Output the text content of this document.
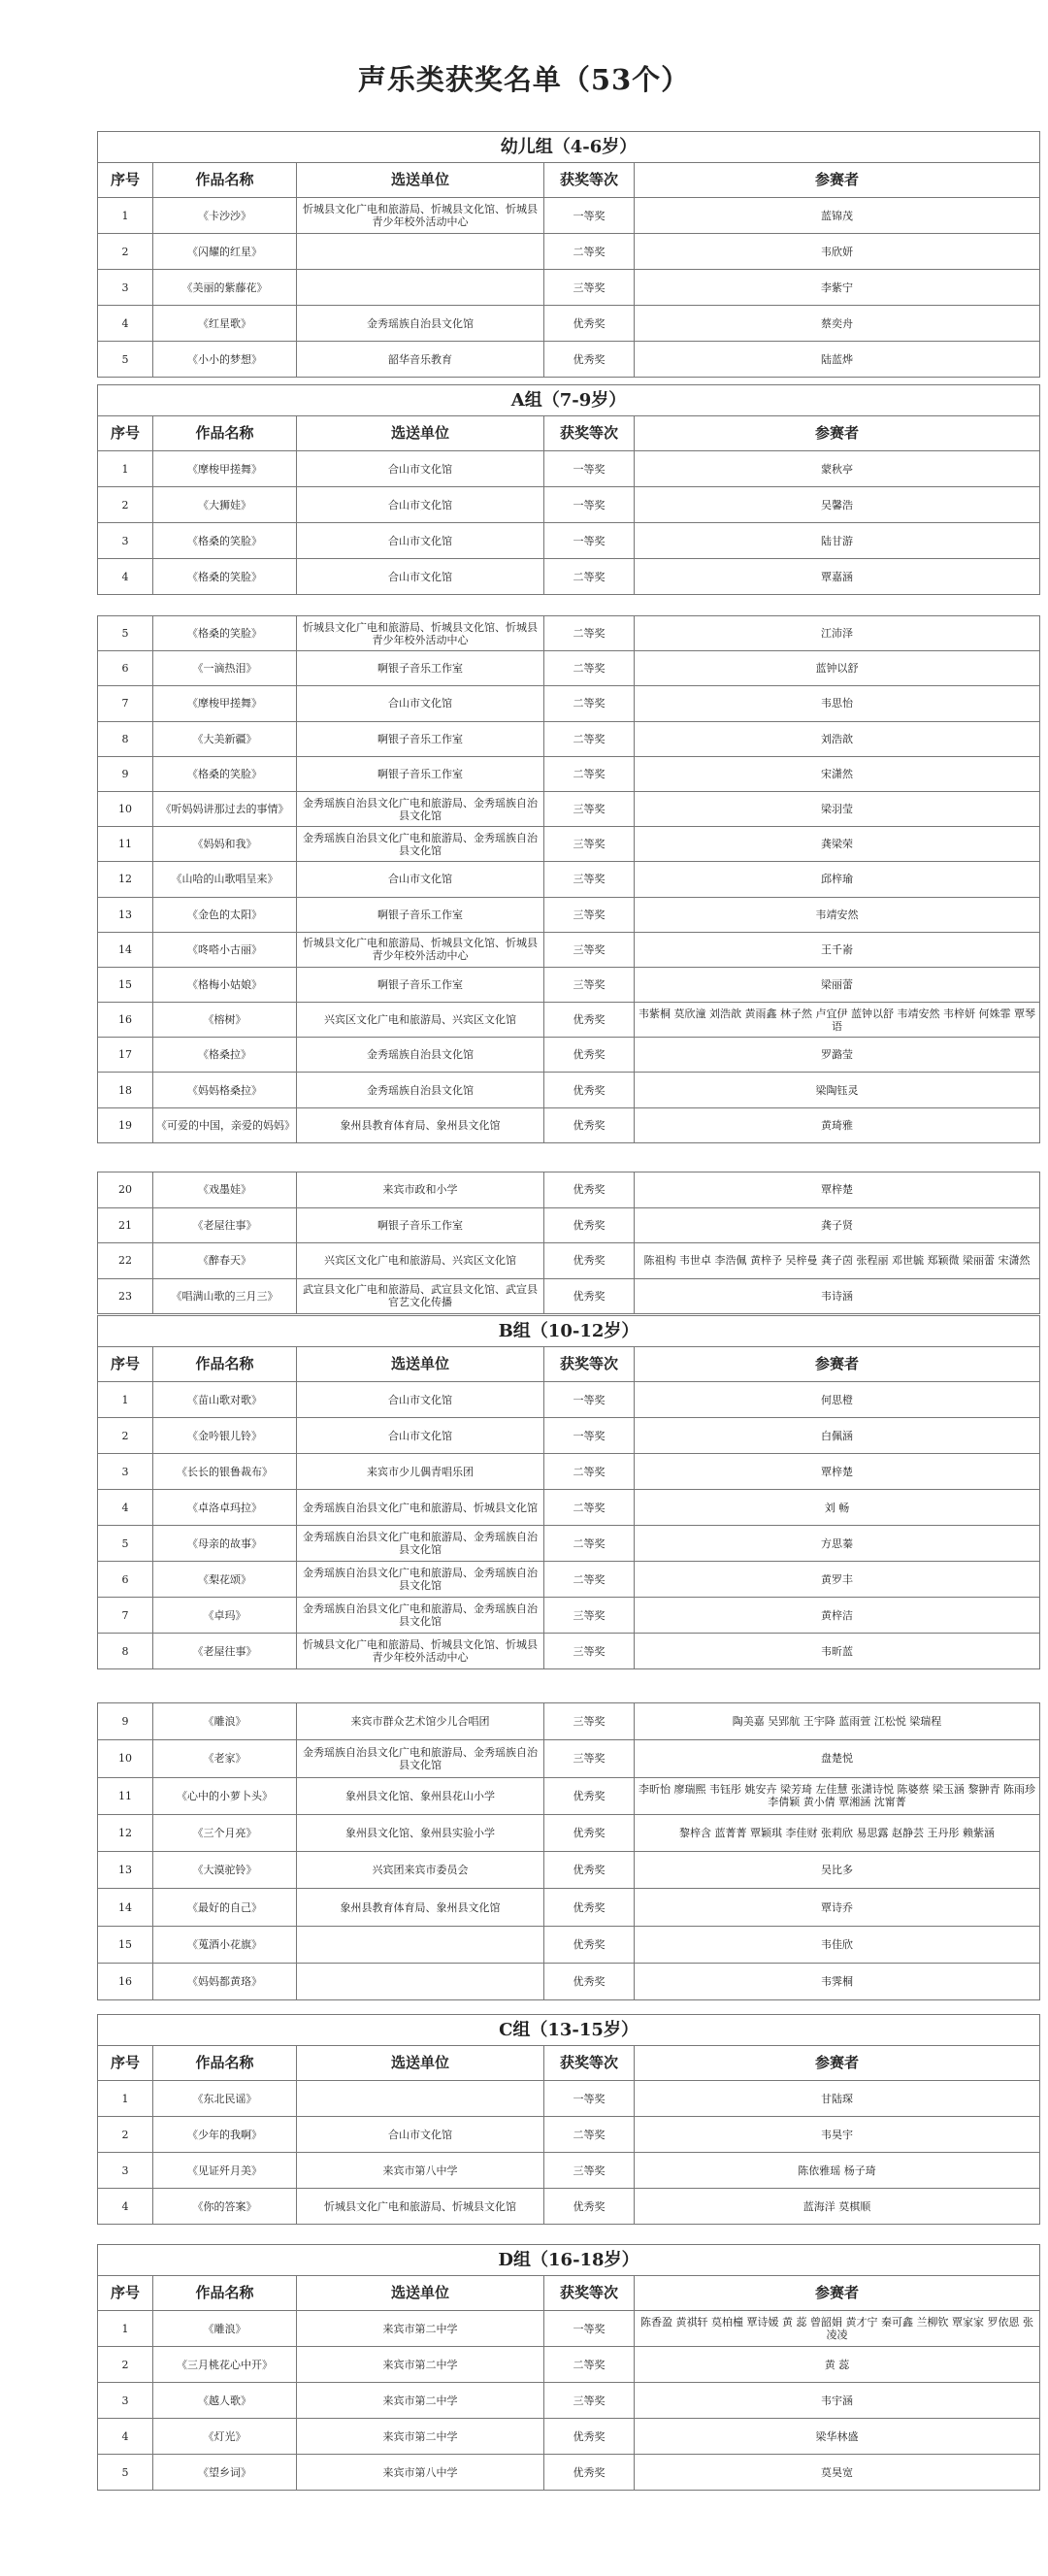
声乐类获奖名单（53个）
幼儿组（4-6岁）				
序号	作品名称	选送单位	获奖等次	参赛者
1	《卡沙沙》	忻城县文化广电和旅游局、忻城县文化馆、忻城县青少年校外活动中心	一等奖	蓝锦茂
2	《闪耀的红星》		二等奖	韦欣妍
3	《美丽的紫藤花》		三等奖	李紫宁
4	《红星歌》	金秀瑶族自治县文化馆	优秀奖	蔡奕舟
5	《小小的梦想》	韶华音乐教育	优秀奖	陆蓝烨
A组（7-9岁）				
序号	作品名称	选送单位	获奖等次	参赛者
1	《摩梭甲搓舞》	合山市文化馆	一等奖	蒙秋亭
2	《大狮娃》	合山市文化馆	一等奖	吴馨浩
3	《格桑的笑脸》	合山市文化馆	一等奖	陆甘游
4	《格桑的笑脸》	合山市文化馆	二等奖	覃嘉涵
5	《格桑的笑脸》	忻城县文化广电和旅游局、忻城县文化馆、忻城县青少年校外活动中心	二等奖	江沛泽
6	《一滴热泪》	啊银子音乐工作室	二等奖	蓝钟以舒
7	《摩梭甲搓舞》	合山市文化馆	二等奖	韦思怡
8	《大美新疆》	啊银子音乐工作室	二等奖	刘浩歆
9	《格桑的笑脸》	啊银子音乐工作室	二等奖	宋潇然
10	《听妈妈讲那过去的事情》	金秀瑶族自治县文化广电和旅游局、金秀瑶族自治县文化馆	三等奖	梁羽莹
11	《妈妈和我》	金秀瑶族自治县文化广电和旅游局、金秀瑶族自治县文化馆	三等奖	龚梁荣
12	《山哈的山歌唱呈来》	合山市文化馆	三等奖	邱梓瑜
13	《金色的太阳》	啊银子音乐工作室	三等奖	韦靖安然
14	《咚嗒小古丽》	忻城县文化广电和旅游局、忻城县文化馆、忻城县青少年校外活动中心	三等奖	王千嵛
15	《格梅小姑娘》	啊银子音乐工作室	三等奖	梁丽蕾
16	《榕树》	兴宾区文化广电和旅游局、兴宾区文化馆	优秀奖	韦紫桐 莫欣潼 刘浩歆 黄雨鑫 林子然 卢宜伊 蓝钟以舒 韦靖安然 韦梓妍 何姝霏 覃琴语
17	《格桑拉》	金秀瑶族自治县文化馆	优秀奖	罗潞莹
18	《妈妈格桑拉》	金秀瑶族自治县文化馆	优秀奖	梁陶钰灵
19	《可爱的中国，亲爱的妈妈》	象州县教育体育局、象州县文化馆	优秀奖	黄琦雅
20	《戏墨娃》	来宾市政和小学	优秀奖	覃梓楚
21	《老屋往事》	啊银子音乐工作室	优秀奖	龚子贤
22	《醉春天》	兴宾区文化广电和旅游局、兴宾区文化馆	优秀奖	陈祖构 韦世卓 李浩佩 黄梓予 吴梓曼 龚子茵 张程丽 邓世毓 郑颖微 梁丽蕾 宋潇然
23	《唱满山歌的三月三》	武宣县文化广电和旅游局、武宣县文化馆、武宣县官艺文化传播	优秀奖	韦诗涵
B组（10-12岁）				
序号	作品名称	选送单位	获奖等次	参赛者
1	《苗山歌对歌》	合山市文化馆	一等奖	何思橙
2	《金吟银儿铃》	合山市文化馆	一等奖	白佩涵
3	《长长的银鲁裁布》	来宾市少儿偶青唱乐团	二等奖	覃梓楚
4	《卓洛卓玛拉》	金秀瑶族自治县文化广电和旅游局、忻城县文化馆	二等奖	刘 畅
5	《母亲的故事》	金秀瑶族自治县文化广电和旅游局、金秀瑶族自治县文化馆	二等奖	方思蓁
6	《梨花颂》	金秀瑶族自治县文化广电和旅游局、金秀瑶族自治县文化馆	二等奖	黄罗丰
7	《卓玛》	金秀瑶族自治县文化广电和旅游局、金秀瑶族自治县文化馆	三等奖	黄梓洁
8	《老屋往事》	忻城县文化广电和旅游局、忻城县文化馆、忻城县青少年校外活动中心	三等奖	韦昕蓝
9	《雕浪》	来宾市群众艺术馆少儿合唱团	三等奖	陶美嘉 吴郢航 王宇降 蓝雨萱 江松悦 梁瑞程
10	《老家》	金秀瑶族自治县文化广电和旅游局、金秀瑶族自治县文化馆	三等奖	盘楚悦
11	《心中的小萝卜头》	象州县文化馆、象州县花山小学	优秀奖	李昕怡 廖瑞熙 韦钰彤 姚安卉 梁芳琦 左佳慧 张潇诗悦 陈婆蔡 梁玉涵 黎翀青 陈雨珍 李倩颖 黄小倩 覃湘涵 沈甯菁
12	《三个月亮》	象州县文化馆、象州县实验小学	优秀奖	黎梓含 蓝菁菁 覃颖琪 李佳财 张莉欣 易思露 赵静芸 王丹彤 赖紫涵
13	《大漠驼铃》	兴宾团来宾市委员会	优秀奖	吴比多
14	《最好的自己》	象州县教育体育局、象州县文化馆	优秀奖	覃诗乔
15	《蒐酒小花旗》		优秀奖	韦佳欣
16	《妈妈都黄珞》		优秀奖	韦霁桐
C组（13-15岁）				
序号	作品名称	选送单位	获奖等次	参赛者
1	《东北民谣》		一等奖	甘陆琛
2	《少年的我啊》	合山市文化馆	二等奖	韦昊宇
3	《见证歼月美》	来宾市第八中学	三等奖	陈依雅瑶 杨子琦
4	《你的答案》	忻城县文化广电和旅游局、忻城县文化馆	优秀奖	蓝海洋 莫棋顺
D组（16-18岁）				
序号	作品名称	选送单位	获奖等次	参赛者
1	《雕浪》	来宾市第二中学	一等奖	陈香盈 黄祺轩 莫柏橦 覃诗媛 黄 蕊 曾韶娟 黄才宁 秦可鑫 兰柳钦 覃家家 罗依恩 张凌凌
2	《三月桃花心中开》	来宾市第二中学	二等奖	黄 蕊
3	《越人歌》	来宾市第二中学	三等奖	韦宇涵
4	《灯光》	来宾市第二中学	优秀奖	梁华林盛
5	《望乡词》	来宾市第八中学	优秀奖	莫昊宽
